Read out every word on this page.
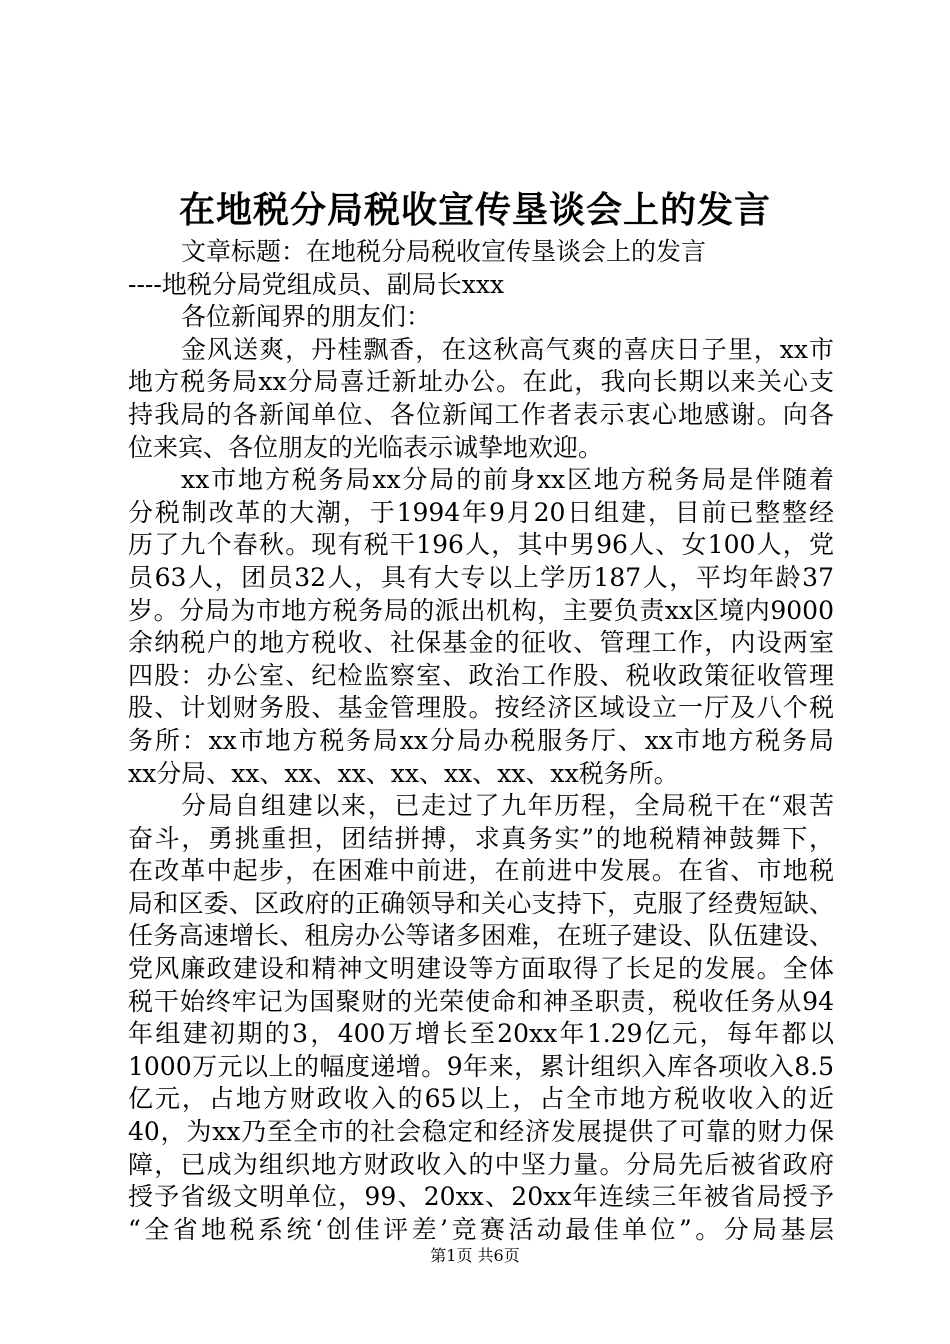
在地税分局税收宣传垦谈会上的发言
文章标题：在地税分局税收宣传垦谈会上的发言
----地税分局党组成员、副局长xxx
各位新闻界的朋友们：
金风送爽，丹桂飘香，在这秋高气爽的喜庆日子里，xx市
地方税务局xx分局喜迁新址办公。在此，我向长期以来关心支
持我局的各新闻单位、各位新闻工作者表示衷心地感谢。向各
位来宾、各位朋友的光临表示诚挚地欢迎。
xx市地方税务局xx分局的前身xx区地方税务局是伴随着
分税制改革的大潮，于1994年9月20日组建，目前已整整经
历了九个春秋。现有税干196人，其中男96人、女100人，党
员63人，团员32人，具有大专以上学历187人，平均年龄37
岁。分局为市地方税务局的派出机构，主要负责xx区境内9000
余纳税户的地方税收、社保基金的征收、管理工作，内设两室
四股：办公室、纪检监察室、政治工作股、税收政策征收管理
股、计划财务股、基金管理股。按经济区域设立一厅及八个税
务所：xx市地方税务局xx分局办税服务厅、xx市地方税务局
xx分局、xx、xx、xx、xx、xx、xx、xx税务所。
分局自组建以来，已走过了九年历程，全局税干在“艰苦
奋斗，勇挑重担，团结拼搏，求真务实”的地税精神鼓舞下，
在改革中起步，在困难中前进，在前进中发展。在省、市地税
局和区委、区政府的正确领导和关心支持下，克服了经费短缺、
任务高速增长、租房办公等诸多困难，在班子建设、队伍建设、
党风廉政建设和精神文明建设等方面取得了长足的发展。全体
税干始终牢记为国聚财的光荣使命和神圣职责，税收任务从94
年组建初期的3，400万增长至20xx年1.29亿元，每年都以
1000万元以上的幅度递增。9年来，累计组织入库各项收入8.5
亿元，占地方财政收入的65以上，占全市地方税收收入的近
40，为xx乃至全市的社会稳定和经济发展提供了可靠的财力保
障，已成为组织地方财政收入的中坚力量。分局先后被省政府
授予省级文明单位，99、20xx、20xx年连续三年被省局授予
“全省地税系统‘创佳评差’竞赛活动最佳单位”。分局基层
第1页 共6页
